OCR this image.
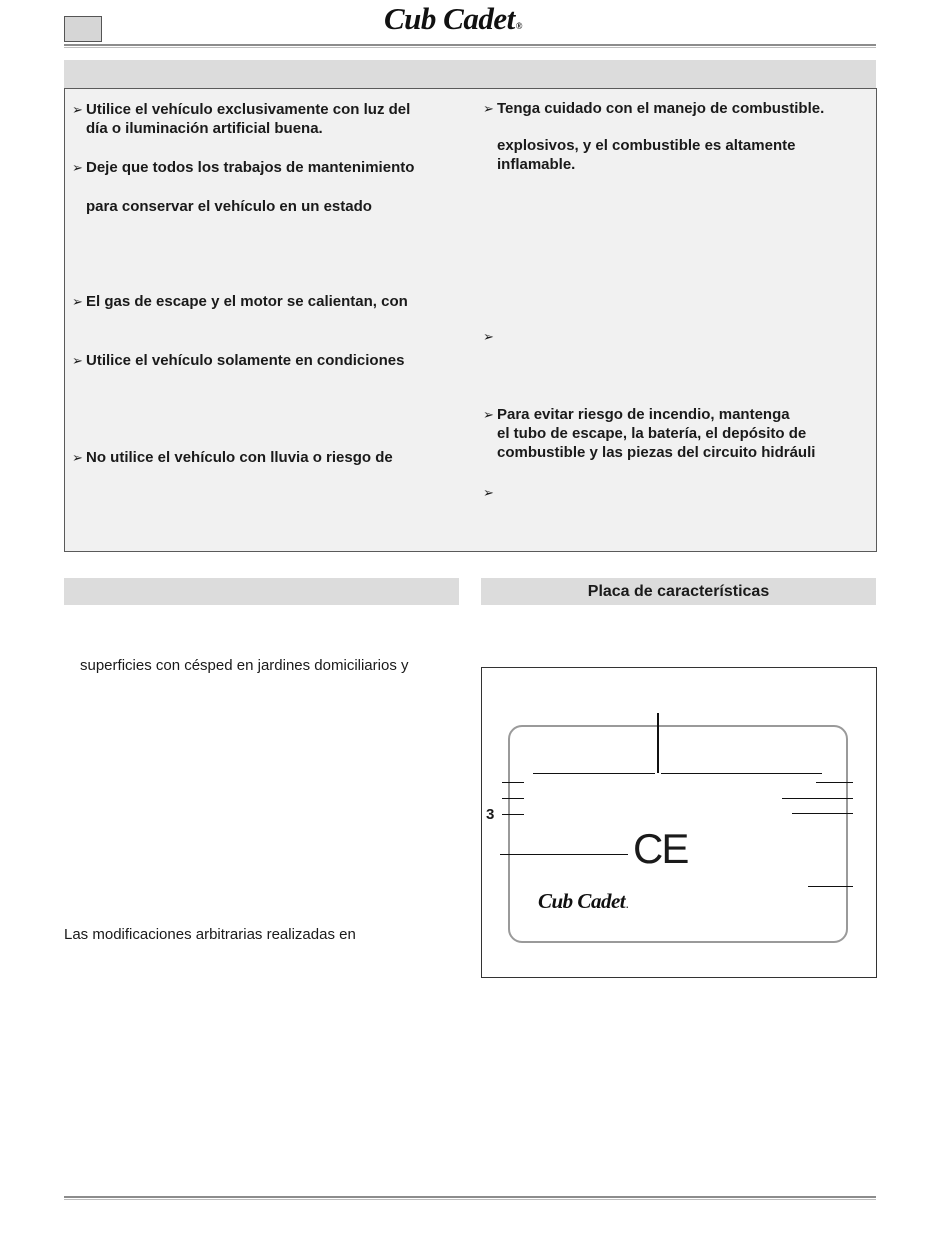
Cub Cadet®
➢ Utilice el vehículo exclusivamente con luz del
día o iluminación artificial buena.
➢ Deje que todos los trabajos de mantenimiento
para conservar el vehículo en un estado
➢ El gas de escape y el motor se calientan, con
➢ Utilice el vehículo solamente en condiciones
➢ No utilice el vehículo con lluvia o riesgo de
➢ Tenga cuidado con el manejo de combustible.
explosivos, y el combustible es altamente
inflamable.
➢
➢ Para evitar riesgo de incendio, mantenga
el tubo de escape, la batería, el depósito de
combustible y las piezas del circuito hidráuli
➢
Placa de características
superficies con césped en jardines domiciliarios y
Las modificaciones arbitrarias realizadas en
3
CE
Cub Cadet.
